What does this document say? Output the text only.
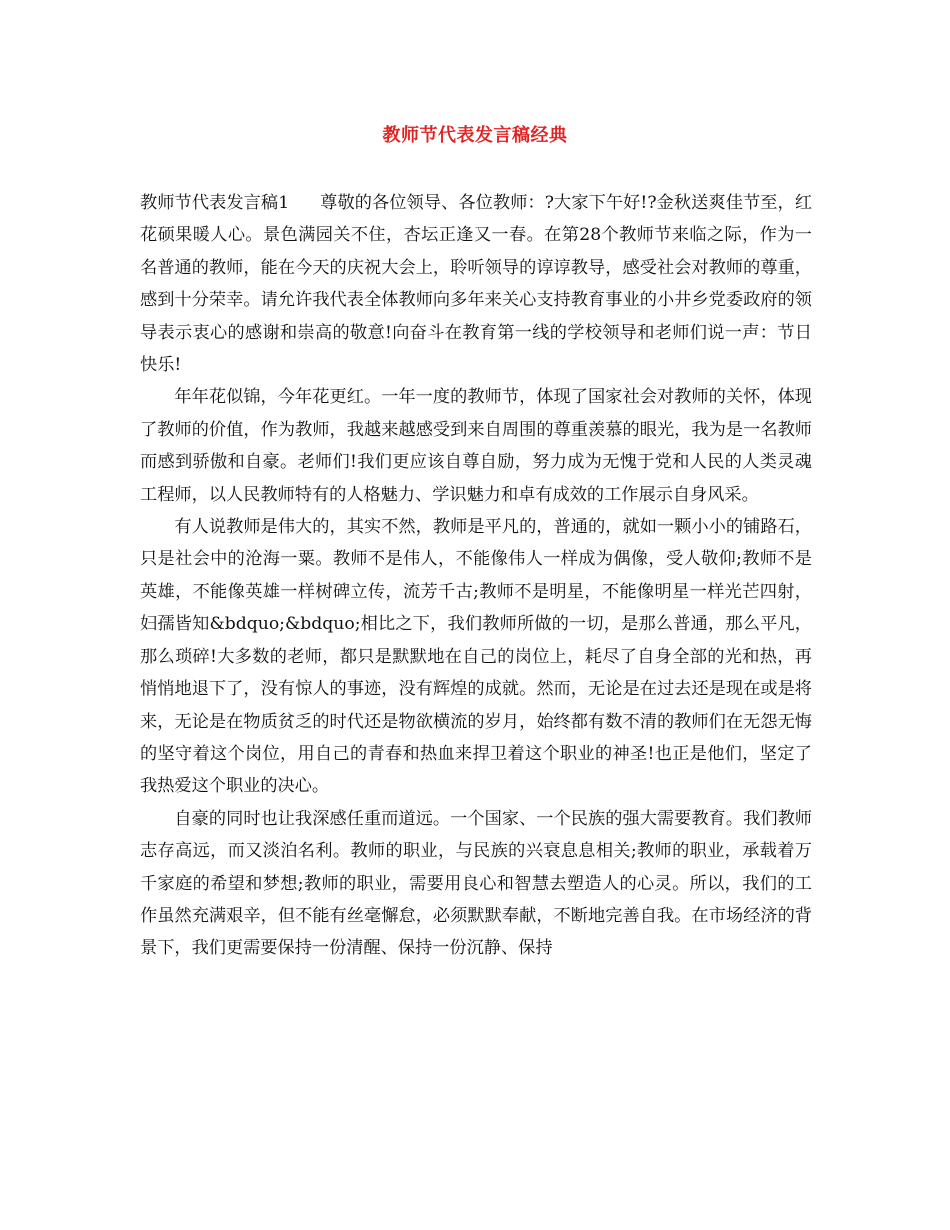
教师节代表发言稿经典

教师节代表发言稿1 尊敬的各位领导、各位教师：?大家下午好!?金秋送爽佳节至，红花硕果暖人心。景色满园关不住，杏坛正逢又一春。在第28个教师节来临之际，作为一名普通的教师，能在今天的庆祝大会上，聆听领导的谆谆教导，感受社会对教师的尊重，感到十分荣幸。请允许我代表全体教师向多年来关心支持教育事业的小井乡党委政府的领导表示衷心的感谢和崇高的敬意!向奋斗在教育第一线的学校领导和老师们说一声：节日快乐!

年年花似锦，今年花更红。一年一度的教师节，体现了国家社会对教师的关怀，体现了教师的价值，作为教师，我越来越感受到来自周围的尊重羡慕的眼光，我为是一名教师而感到骄傲和自豪。老师们!我们更应该自尊自励，努力成为无愧于党和人民的人类灵魂工程师，以人民教师特有的人格魅力、学识魅力和卓有成效的工作展示自身风采。

有人说教师是伟大的，其实不然，教师是平凡的，普通的，就如一颗小小的铺路石，只是社会中的沧海一粟。教师不是伟人，不能像伟人一样成为偶像，受人敬仰;教师不是英雄，不能像英雄一样树碑立传，流芳千古;教师不是明星，不能像明星一样光芒四射，妇孺皆知&bdquo;&bdquo;相比之下，我们教师所做的一切，是那么普通，那么平凡，那么琐碎!大多数的老师，都只是默默地在自己的岗位上，耗尽了自身全部的光和热，再悄悄地退下了，没有惊人的事迹，没有辉煌的成就。然而，无论是在过去还是现在或是将来，无论是在物质贫乏的时代还是物欲横流的岁月，始终都有数不清的教师们在无怨无悔的坚守着这个岗位，用自己的青春和热血来捍卫着这个职业的神圣!也正是他们，坚定了我热爱这个职业的决心。

自豪的同时也让我深感任重而道远。一个国家、一个民族的强大需要教育。我们教师志存高远，而又淡泊名利。教师的职业，与民族的兴衰息息相关;教师的职业，承载着万千家庭的希望和梦想;教师的职业，需要用良心和智慧去塑造人的心灵。所以，我们的工作虽然充满艰辛，但不能有丝毫懈怠，必须默默奉献，不断地完善自我。在市场经济的背景下，我们更需要保持一份清醒、保持一份沉静、保持
